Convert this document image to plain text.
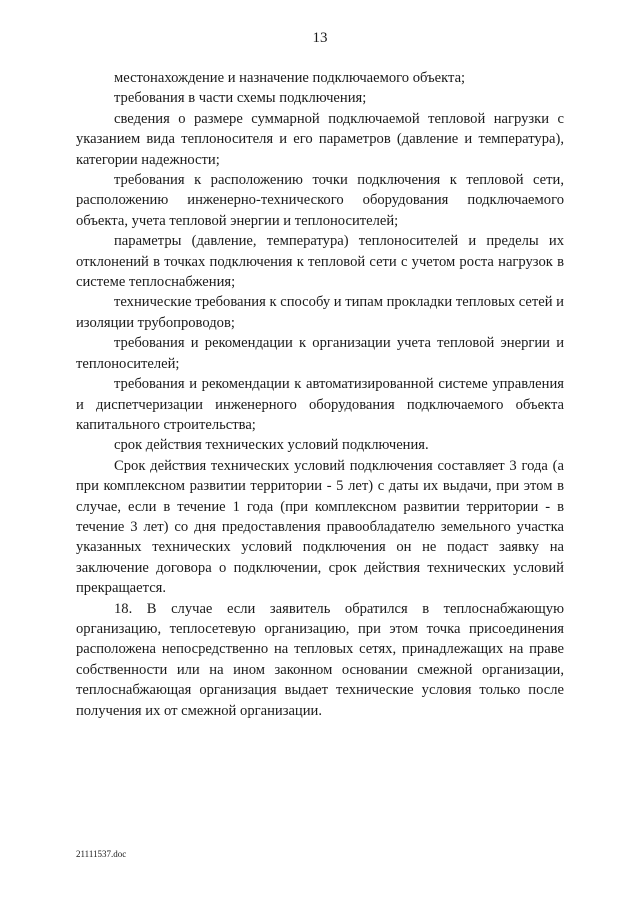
13

местонахождение и назначение подключаемого объекта;

требования в части схемы подключения;

сведения о размере суммарной подключаемой тепловой нагрузки с указанием вида теплоносителя и его параметров (давление и температура), категории надежности;

требования к расположению точки подключения к тепловой сети, расположению инженерно-технического оборудования подключаемого объекта, учета тепловой энергии и теплоносителей;

параметры (давление, температура) теплоносителей и пределы их отклонений в точках подключения к тепловой сети с учетом роста нагрузок в системе теплоснабжения;

технические требования к способу и типам прокладки тепловых сетей и изоляции трубопроводов;

требования и рекомендации к организации учета тепловой энергии и теплоносителей;

требования и рекомендации к автоматизированной системе управления и диспетчеризации инженерного оборудования подключаемого объекта капитального строительства;

срок действия технических условий подключения.

Срок действия технических условий подключения составляет 3 года (а при комплексном развитии территории - 5 лет) с даты их выдачи, при этом в случае, если в течение 1 года (при комплексном развитии территории - в течение 3 лет) со дня предоставления правообладателю земельного участка указанных технических условий подключения он не подаст заявку на заключение договора о подключении, срок действия технических условий прекращается.

18. В случае если заявитель обратился в теплоснабжающую организацию, теплосетевую организацию, при этом точка присоединения расположена непосредственно на тепловых сетях, принадлежащих на праве собственности или на ином законном основании смежной организации, теплоснабжающая организация выдает технические условия только после получения их от смежной организации.

21111537.doc
